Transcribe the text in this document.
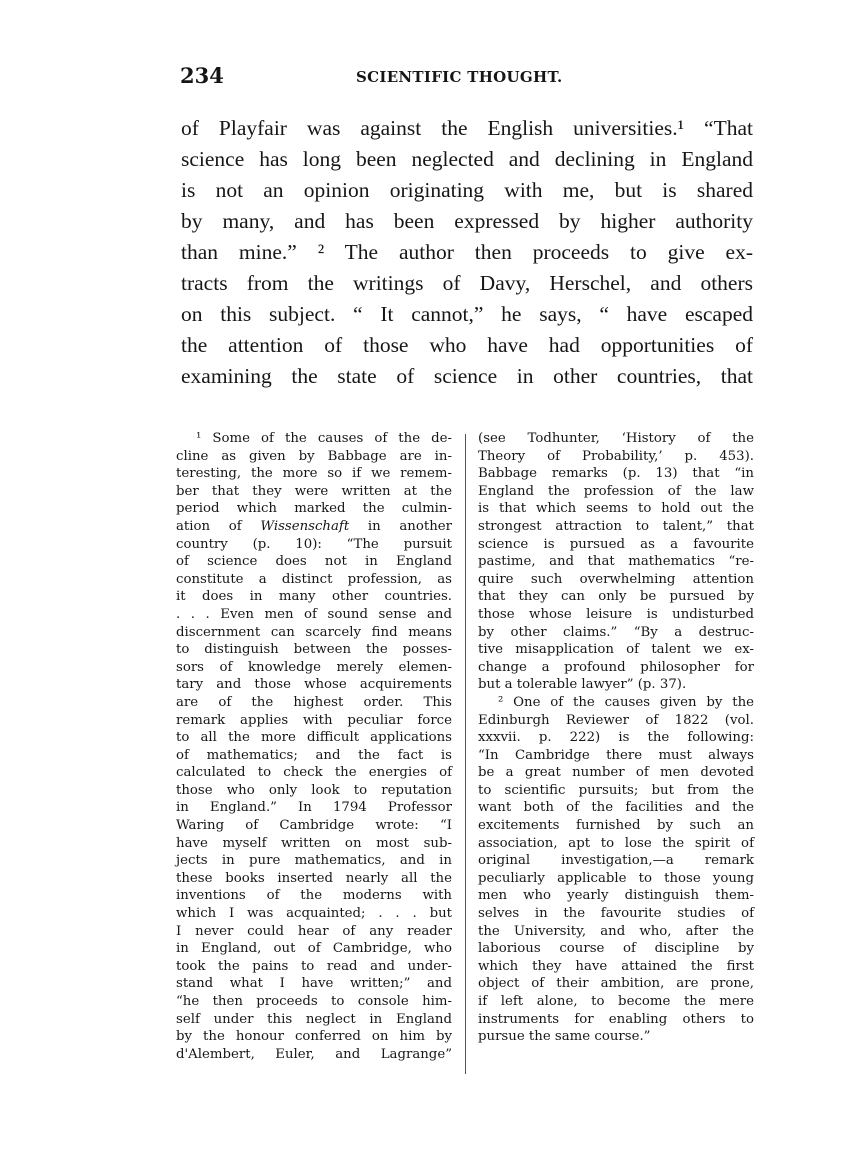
234	SCIENTIFIC THOUGHT.
of Playfair was against the English universities.¹ “That
science has long been neglected and declining in England
is not an opinion originating with me, but is shared
by many, and has been expressed by higher authority
than mine.” ² The author then proceeds to give ex-
tracts from the writings of Davy, Herschel, and others
on this subject. “ It cannot,” he says, “ have escaped
the attention of those who have had opportunities of
examining the state of science in other countries, that
¹ Some of the causes of the de-
cline as given by Babbage are in-
teresting, the more so if we remem-
ber that they were written at the
period which marked the culmin-
ation of Wissenschaft in another
country (p. 10): “The pursuit
of science does not in England
constitute a distinct profession, as
it does in many other countries.
. . . Even men of sound sense and
discernment can scarcely find means
to distinguish between the posses-
sors of knowledge merely elemen-
tary and those whose acquirements
are of the highest order. This
remark applies with peculiar force
to all the more difficult applications
of mathematics; and the fact is
calculated to check the energies of
those who only look to reputation
in England.” In 1794 Professor
Waring of Cambridge wrote: “I
have myself written on most sub-
jects in pure mathematics, and in
these books inserted nearly all the
inventions of the moderns with
which I was acquainted; . . . but
I never could hear of any reader
in England, out of Cambridge, who
took the pains to read and under-
stand what I have written;” and
“he then proceeds to console him-
self under this neglect in England
by the honour conferred on him by
d'Alembert, Euler, and Lagrange”
(see Todhunter, ‘History of the
Theory of Probability,’ p. 453).
Babbage remarks (p. 13) that “in
England the profession of the law
is that which seems to hold out the
strongest attraction to talent,” that
science is pursued as a favourite
pastime, and that mathematics “re-
quire such overwhelming attention
that they can only be pursued by
those whose leisure is undisturbed
by other claims.” “By a destruc-
tive misapplication of talent we ex-
change a profound philosopher for
but a tolerable lawyer” (p. 37).
² One of the causes given by the
Edinburgh Reviewer of 1822 (vol.
xxxvii. p. 222) is the following:
“In Cambridge there must always
be a great number of men devoted
to scientific pursuits; but from the
want both of the facilities and the
excitements furnished by such an
association, apt to lose the spirit of
original investigation,—a remark
peculiarly applicable to those young
men who yearly distinguish them-
selves in the favourite studies of
the University, and who, after the
laborious course of discipline by
which they have attained the first
object of their ambition, are prone,
if left alone, to become the mere
instruments for enabling others to
pursue the same course.”
